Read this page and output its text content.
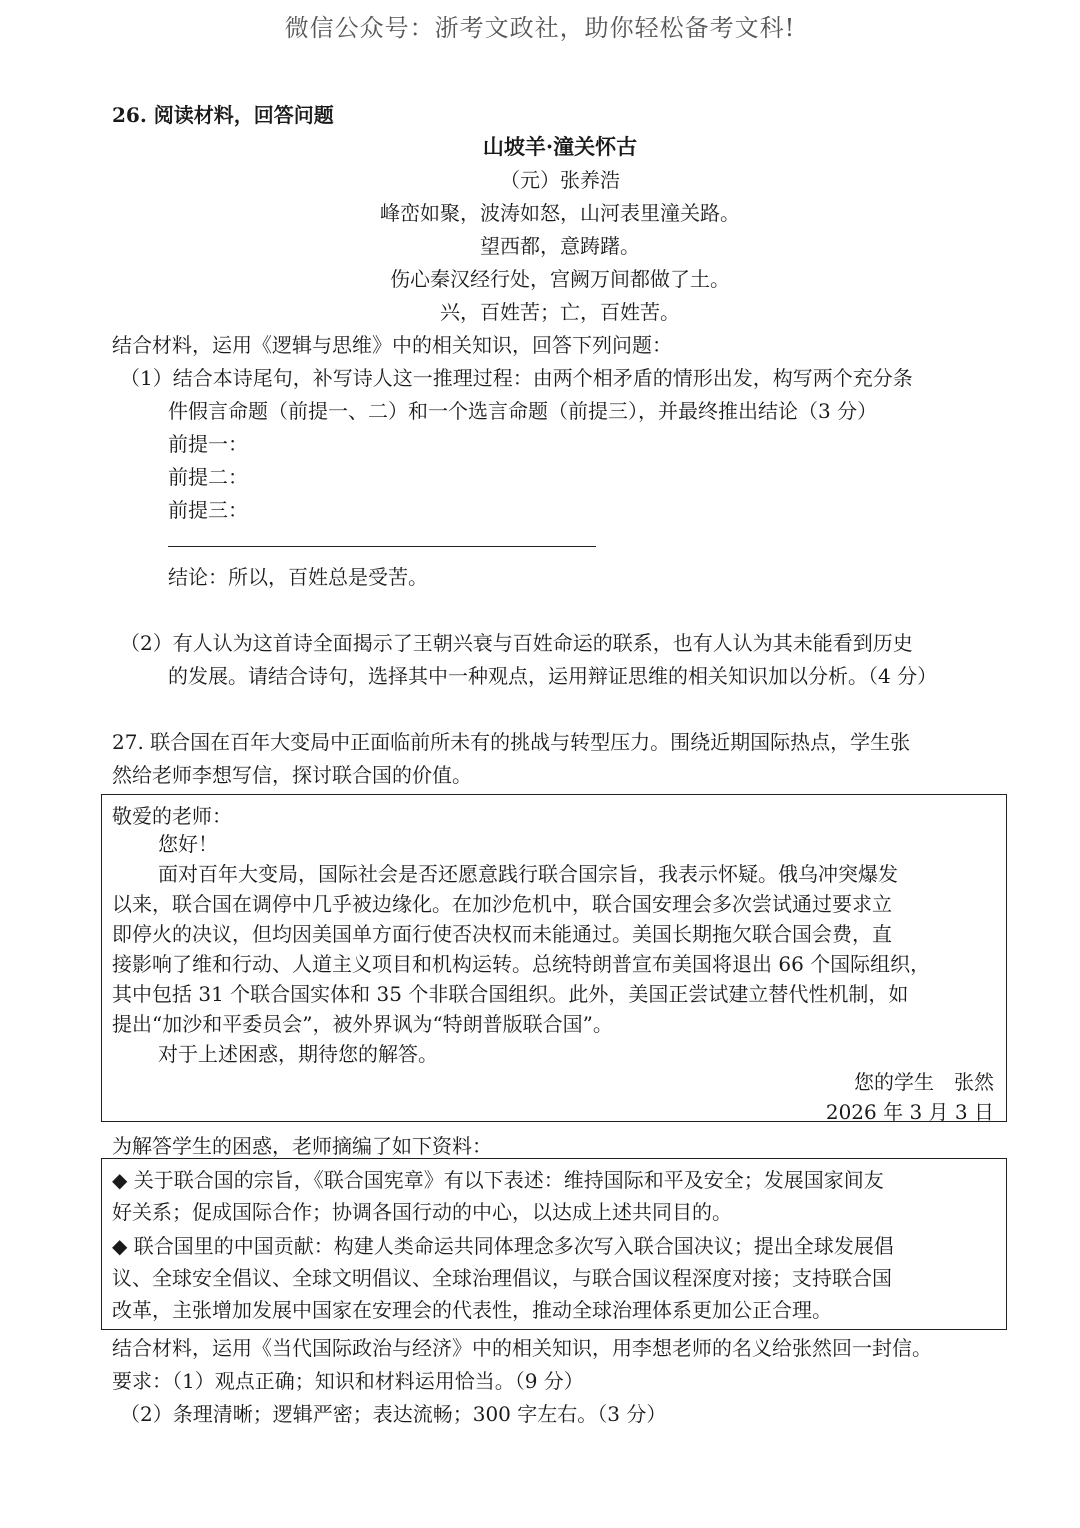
微信公众号：浙考文政社，助你轻松备考文科!
26. 阅读材料，回答问题
山坡羊·潼关怀古
（元）张养浩
峰峦如聚，波涛如怒，山河表里潼关路。
望西都，意踌躇。
伤心秦汉经行处，宫阙万间都做了土。
兴，百姓苦；亡，百姓苦。
结合材料，运用《逻辑与思维》中的相关知识，回答下列问题：
（1）结合本诗尾句，补写诗人这一推理过程：由两个相矛盾的情形出发，构写两个充分条
件假言命题（前提一、二）和一个选言命题（前提三），并最终推出结论（3 分）
前提一：
前提二：
前提三：
结论：所以，百姓总是受苦。
（2）有人认为这首诗全面揭示了王朝兴衰与百姓命运的联系，也有人认为其未能看到历史
的发展。请结合诗句，选择其中一种观点，运用辩证思维的相关知识加以分析。（4 分）
27. 联合国在百年大变局中正面临前所未有的挑战与转型压力。围绕近期国际热点，学生张
然给老师李想写信，探讨联合国的价值。
敬爱的老师：
您好！
面对百年大变局，国际社会是否还愿意践行联合国宗旨，我表示怀疑。俄乌冲突爆发
以来，联合国在调停中几乎被边缘化。在加沙危机中，联合国安理会多次尝试通过要求立
即停火的决议，但均因美国单方面行使否决权而未能通过。美国长期拖欠联合国会费，直
接影响了维和行动、人道主义项目和机构运转。总统特朗普宣布美国将退出 66 个国际组织，
其中包括 31 个联合国实体和 35 个非联合国组织。此外，美国正尝试建立替代性机制，如
提出“加沙和平委员会”，被外界讽为“特朗普版联合国”。
对于上述困惑，期待您的解答。
您的学生　张然
2026 年 3 月 3 日
为解答学生的困惑，老师摘编了如下资料：
◆ 关于联合国的宗旨，《联合国宪章》有以下表述：维持国际和平及安全；发展国家间友
好关系；促成国际合作；协调各国行动的中心，以达成上述共同目的。
◆ 联合国里的中国贡献：构建人类命运共同体理念多次写入联合国决议；提出全球发展倡
议、全球安全倡议、全球文明倡议、全球治理倡议，与联合国议程深度对接；支持联合国
改革，主张增加发展中国家在安理会的代表性，推动全球治理体系更加公正合理。
结合材料，运用《当代国际政治与经济》中的相关知识，用李想老师的名义给张然回一封信。
要求：（1）观点正确；知识和材料运用恰当。（9 分）
（2）条理清晰；逻辑严密；表达流畅；300 字左右。（3 分）
